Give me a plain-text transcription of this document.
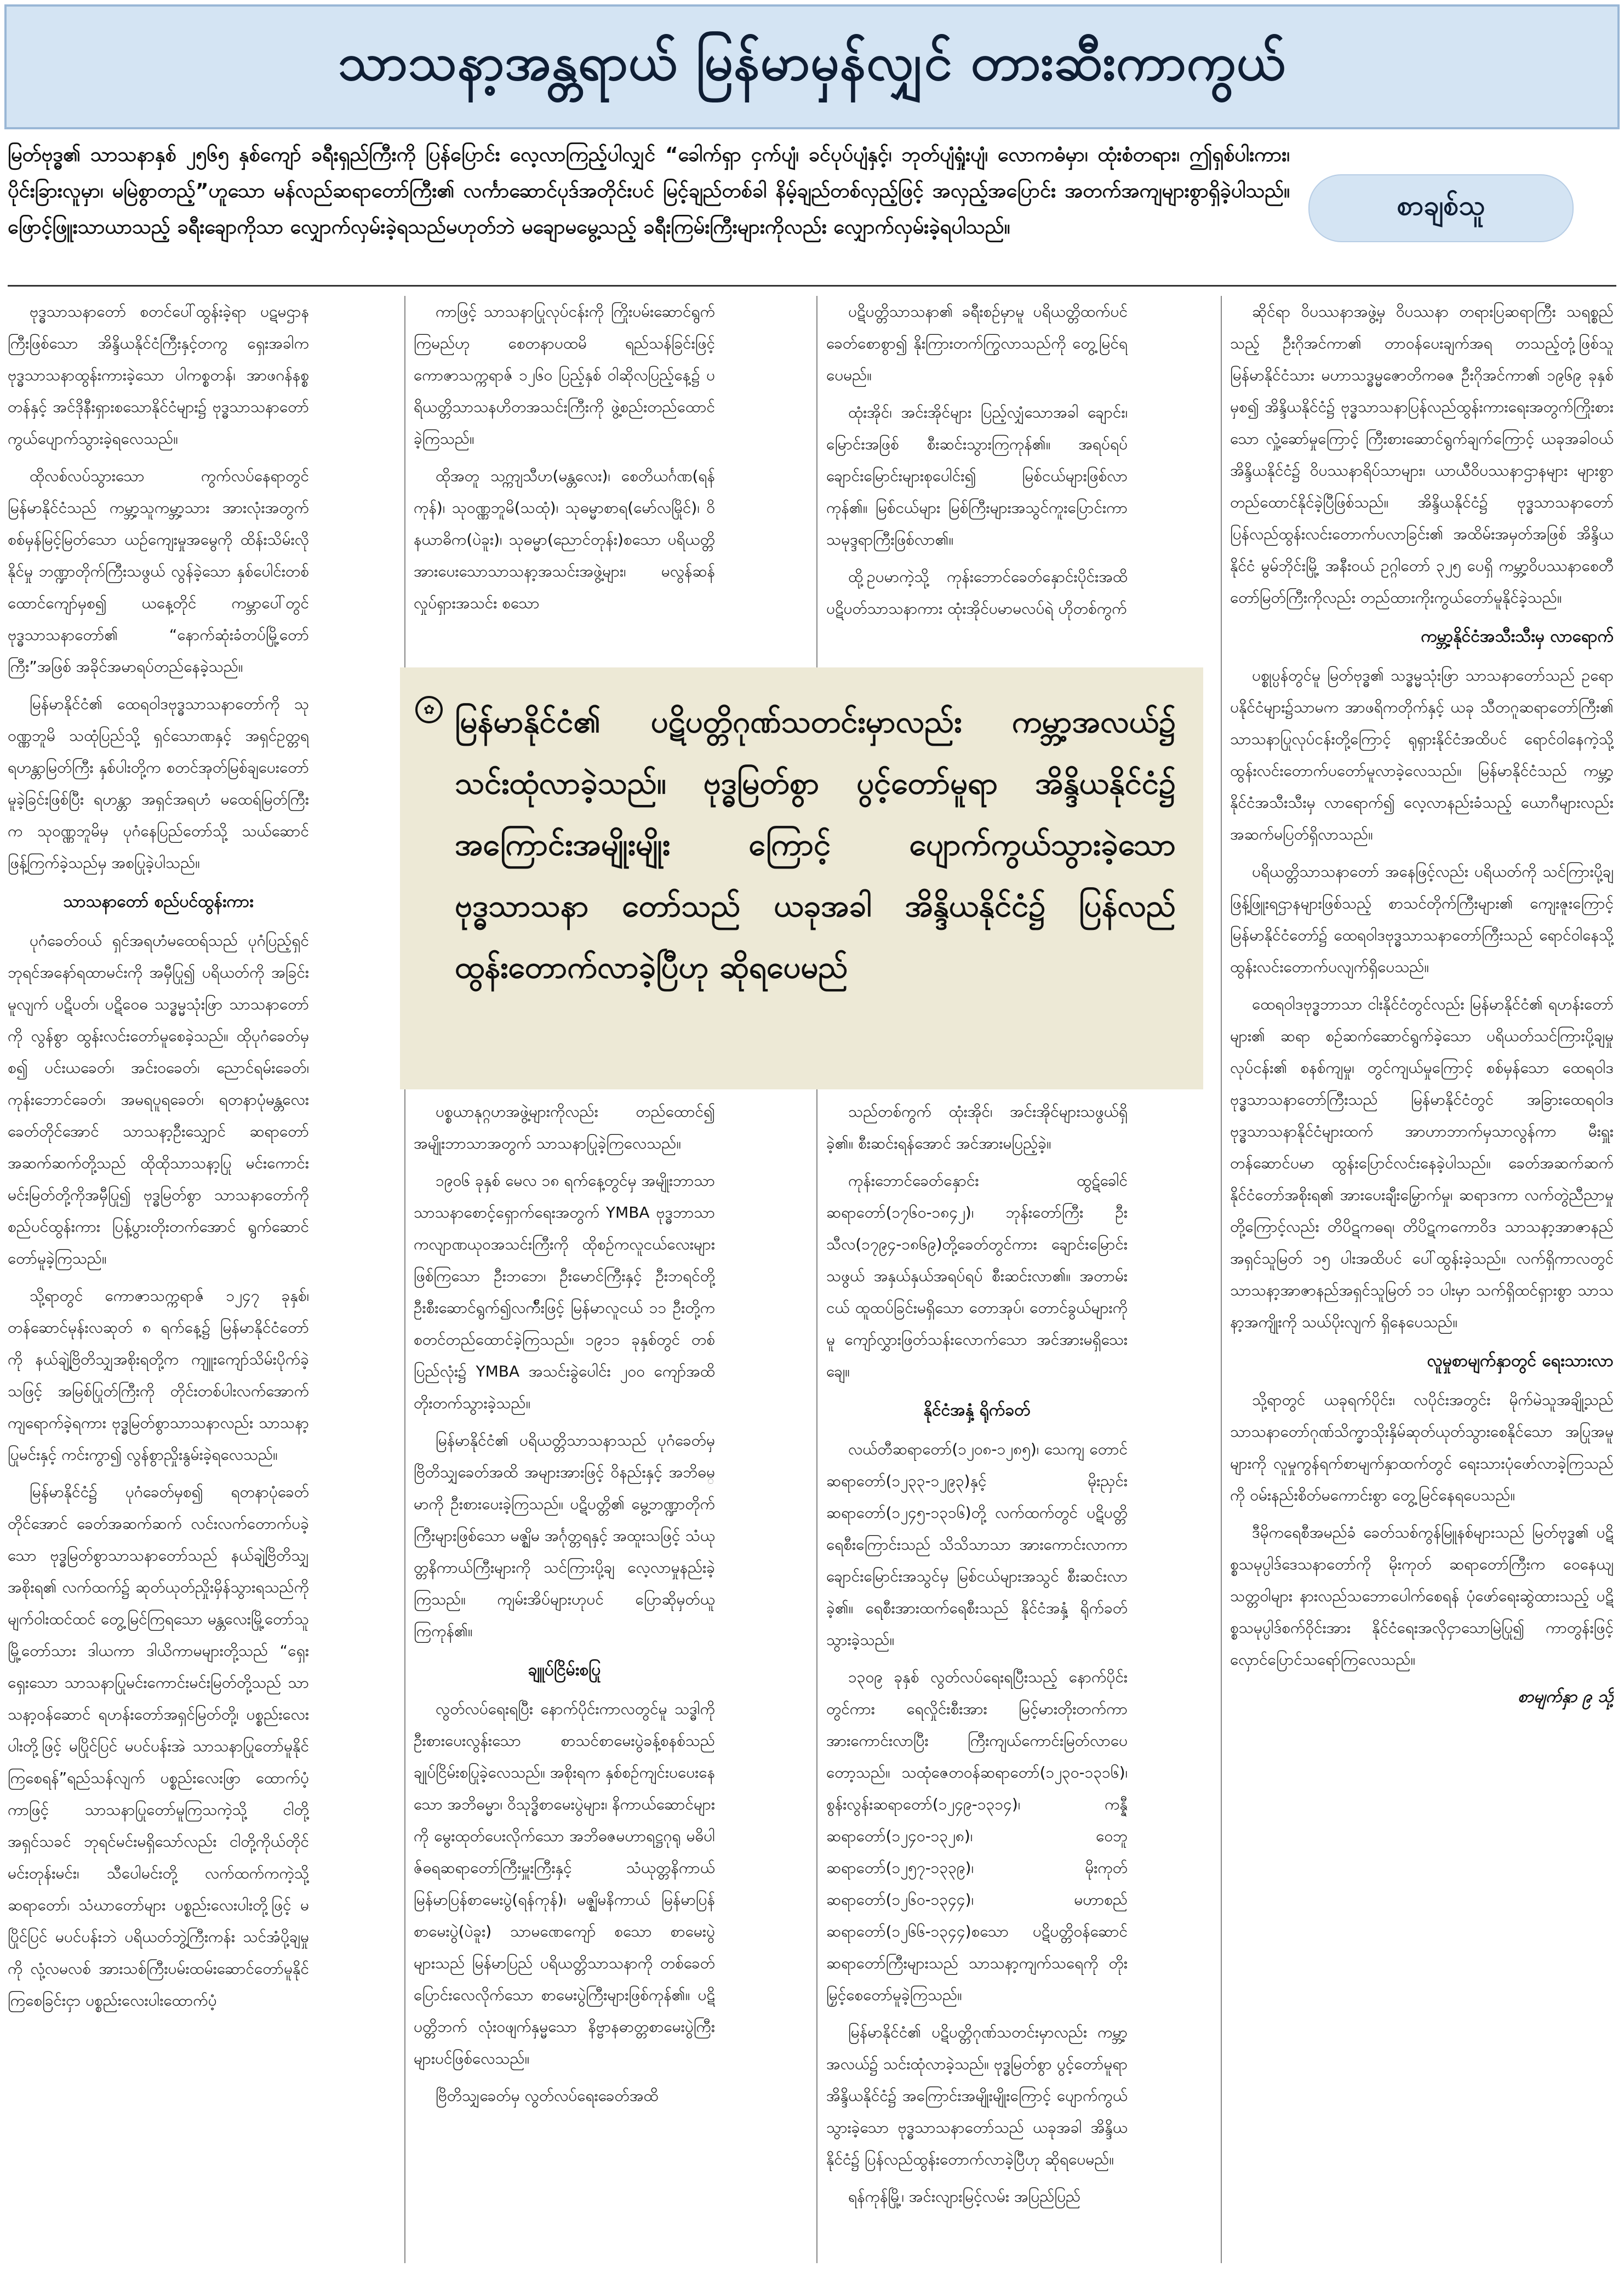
သာသနာ့အန္တရာယ် မြန်မာမှန်လျှင် တားဆီးကာကွယ်
မြတ်ဗုဒ္ဓ၏ သာသနာနှစ် ၂၅၆၅ နှစ်ကျော် ခရီးရှည်ကြီးကို ပြန်ပြောင်း လေ့လာကြည့်ပါလျှင် “ခေါက်ရှာ ငှက်ပျံ၊ ခင်ပုပ်ပျံနှင့်၊ ဘုတ်ပျံရှုံးပျံ၊ လောကဓံမှာ၊ ထုံးစံတရား၊ ဤရှစ်ပါးကား၊ ပိုင်းခြားလူမှာ၊ မမြဲစွာတည့်”ဟူသော မန်လည်ဆရာတော်ကြီး၏ လင်္ကာဆောင်ပုဒ်အတိုင်းပင် မြင့်ချည်တစ်ခါ နိမ့်ချည်တစ်လှည့်ဖြင့် အလှည့်အပြောင်း အတက်အကျများစွာရှိခဲ့ပါသည်။ ဖြောင့်ဖြူးသာယာသည့် ခရီးချောကိုသာ လျှောက်လှမ်းခဲ့ရသည်မဟုတ်ဘဲ မချောမမွေ့သည့် ခရီးကြမ်းကြီးများကိုလည်း လျှောက်လှမ်းခဲ့ရပါသည်။
စာချစ်သူ

ဗုဒ္ဓသာသနာတော် စတင်ပေါ်ထွန်းခဲ့ရာ ပဋမဌာနကြီးဖြစ်သော အိန္ဒိယနိုင်ငံကြီးနှင့်တကွ ရှေးအခါက ဗုဒ္ဓသာသနာထွန်းကားခဲ့သော ပါကစ္စတန်၊ အာဖဂန်နစ္စတန်နှင့် အင်ဒိုနီးရှားစသောနိုင်ငံများ၌ ဗုဒ္ဓသာသနာတော် ကွယ်ပျောက်သွားခဲ့ရလေသည်။

ထိုလစ်လပ်သွားသော ကွက်လပ်နေရာတွင် မြန်မာနိုင်ငံသည် ကမ္ဘာ့သူကမ္ဘာ့သား အားလုံးအတွက် စစ်မှန်မြင့်မြတ်သော ယဉ်ကျေးမှုအမွေကို ထိန်းသိမ်းလိုနိုင်မှု ဘဏ္ဍာတိုက်ကြီးသဖွယ် လွန်ခဲ့သော နှစ်ပေါင်းတစ်ထောင်ကျော်မှစ၍ ယနေ့တိုင် ကမ္ဘာပေါ်တွင် ဗုဒ္ဓသာသနာတော်၏ “နောက်ဆုံးခံတပ်မြို့တော်ကြီး”အဖြစ် အခိုင်အမာရပ်တည်နေခဲ့သည်။

မြန်မာနိုင်ငံ၏ ထေရဝါဒဗုဒ္ဓသာသနာတော်ကို သုဝဏ္ဏဘူမိ သထုံပြည်သို့ ရှင်သောဏနှင့် အရှင်ဥတ္တရ ရဟန္တာမြတ်ကြီး နှစ်ပါးတို့က စတင်အုတ်မြစ်ချပေးတော်မူခဲ့ခြင်းဖြစ်ပြီး ရဟန္တာ အရှင်အရဟံ မထေရ်မြတ်ကြီးက သုဝဏ္ဏဘူမိမှ ပုဂံနေပြည်တော်သို့ သယ်ဆောင်ဖြန့်ကြက်ခဲ့သည်မှ အစပြုခဲ့ပါသည်။

သာသနာတော် စည်ပင်ထွန်းကား

ပုဂံခေတ်ဝယ် ရှင်အရဟံမထေရ်သည် ပုဂံပြည့်ရှင် ဘုရင်အနော်ရထာမင်းကို အမှီပြု၍ ပရိယတ်ကို အခြင်းမူလျက် ပဋိပတ်၊ ပဋိဝေဓ သဒ္ဓမ္မသုံးဖြာ သာသနာတော်ကို လွန်စွာ ထွန်းလင်းတော်မူစေခဲ့သည်။ ထိုပုဂံခေတ်မှစ၍ ပင်းယခေတ်၊ အင်းဝခေတ်၊ ညောင်ရမ်းခေတ်၊ ကုန်းဘောင်ခေတ်၊ အမရပူရခေတ်၊ ရတနာပုံမန္တလေးခေတ်တိုင်အောင် သာသနာ့ဦးသျှောင် ဆရာတော်အဆက်ဆက်တို့သည် ထိုထိုသာသနာ့ပြု မင်းကောင်းမင်းမြတ်တို့ကိုအမှီပြု၍ ဗုဒ္ဓမြတ်စွာ သာသနာတော်ကို စည်ပင်ထွန်းကား ပြန့်ပွားတိုးတက်အောင် ရွက်ဆောင်တော်မူခဲ့ကြသည်။

သို့ရာတွင် ကောဇာသက္ကရာဇ် ၁၂၄၇ ခုနှစ်၊ တန်ဆောင်မုန်းလဆုတ် ၈ ရက်နေ့၌ မြန်မာနိုင်ငံတော်ကို နယ်ချဲ့ဗြိတိသျှအစိုးရတို့က ကျူးကျော်သိမ်းပိုက်ခဲ့သဖြင့် အမြစ်ပြုတ်ကြီးကို တိုင်းတစ်ပါးလက်အောက် ကျရောက်ခဲ့ရကား ဗုဒ္ဓမြတ်စွာသာသနာလည်း သာသနာ့ပြုမင်းနှင့် ကင်းကွာ၍ လွန်စွာညှိုးနွမ်းခဲ့ရလေသည်။

မြန်မာနိုင်ငံ၌ ပုဂံခေတ်မှစ၍ ရတနာပုံခေတ်တိုင်အောင် ခေတ်အဆက်ဆက် လင်းလက်တောက်ပခဲ့သော ဗုဒ္ဓမြတ်စွာသာသနာတော်သည် နယ်ချဲ့ဗြိတိသျှအစိုးရ၏ လက်ထက်၌ ဆုတ်ယုတ်ညှိုးမှိန်သွားရသည်ကို မျက်ဝါးထင်ထင် တွေ့မြင်ကြရသော မန္တလေးမြို့တော်သူမြို့တော်သား ဒါယကာ ဒါယိကာမများတို့သည် “ရှေးရှေးသော သာသနာပြုမင်းကောင်းမင်းမြတ်တို့သည် သာသနာ့ဝန်ဆောင် ရဟန်းတော်အရှင်မြတ်တို့၊ ပစ္စည်းလေးပါးတို့ဖြင့် မပြိုင်ပြင် မပင်ပန်းအဲ သာသနာပြုတော်မူနိုင်ကြစေရန်”ရည်သန်လျက် ပစ္စည်းလေးဖြာ ထောက်ပံ့ကာဖြင့် သာသနာပြုတော်မူကြသကဲ့သို့ ငါတို့ အရှင်သခင် ဘုရင်မင်းမရှိသော်လည်း ငါတို့ကိုယ်တိုင်မင်းတုန်းမင်း၊ သီပေါမင်းတို့ လက်ထက်ကကဲ့သို့ ဆရာတော်၊ သံဃာတော်များ ပစ္စည်းလေးပါးတို့ဖြင့် မပြိုင်ပြင် မပင်ပန်းဘဲ ပရိယတ်ဘွဲ့ကြီးကန်း သင်အံပို့ချမှုကို လုံ့လမလစ် အားသစ်ကြီးပမ်းထမ်းဆောင်တော်မူနိုင်ကြစေခြင်းငှာ ပစ္စည်းလေးပါးထောက်ပံ့

ကာဖြင့် သာသနာပြုလုပ်ငန်းကို ကြိုးပမ်းဆောင်ရွက်ကြမည်ဟု စေတနာပထမိ ရည်သန်ခြင်းဖြင့် ကောဇာသက္ကရာဇ် ၁၂၆၀ ပြည့်နှစ် ဝါဆိုလပြည့်နေ့၌ ပရိယတ္တိသာသနဟိတအသင်းကြီးကို ဖွဲ့စည်းတည်ထောင်ခဲ့ကြသည်။

ထိုအတူ သက္ကျသီဟ(မန္တလေး)၊ စေတိယင်္ဂဏ(ရန်ကုန်)၊ သုဝဏ္ဏဘူမိ(သထုံ)၊ သုဓမ္မာစာရ(မော်လမြိုင်)၊ ဝိနယာဓိက(ပဲခူး)၊ သုဓမ္မာ(ညောင်တုန်း)စသော ပရိယတ္တိအားပေးသောသာသနာ့အသင်းအဖွဲ့များ၊ မလွန်ဆန်လှုပ်ရှားအသင်း စသော

ပဋိပတ္တိသာသနာ၏ ခရီးစဉ်မှာမူ ပရိယတ္တိထက်ပင် ခေတ်စောစွာ၍ နိုးကြားတက်ကြွလာသည်ကို တွေ့မြင်ရပေမည်။

ထုံးအိုင်၊ အင်းအိုင်များ ပြည့်လျှံသောအခါ ချောင်း၊ မြောင်းအဖြစ် စီးဆင်းသွားကြကုန်၏။ အရပ်ရပ်ချောင်းမြောင်းများစုပေါင်း၍ မြစ်ငယ်များဖြစ်လာကုန်၏။ မြစ်ငယ်များ မြစ်ကြီးများအသွင်ကူးပြောင်းကာ သမုဒ္ဒရာကြီးဖြစ်လာ၏။

ထို့ဥပမာကဲ့သို့ ကုန်းဘောင်ခေတ်နှောင်းပိုင်းအထိ ပဋိပတ်သာသနာကား ထုံးအိုင်ပမာမလပ်ရဲ ဟိုတစ်ကွက်

✿ မြန်မာနိုင်ငံ၏ ပဋိပတ္တိဂုဏ်သတင်းမှာလည်း ကမ္ဘာ့အလယ်၌ သင်းထုံလာခဲ့သည်။ ဗုဒ္ဓမြတ်စွာ ပွင့်တော်မူရာ အိန္ဒိယနိုင်ငံ၌ အကြောင်းအမျိုးမျိုး ကြောင့် ပျောက်ကွယ်သွားခဲ့သော ဗုဒ္ဓသာသနာ တော်သည် ယခုအခါ အိန္ဒိယနိုင်ငံ၌ ပြန်လည် ထွန်းတောက်လာခဲ့ပြီဟု ဆိုရပေမည်

ပစ္စယာနုဂ္ဂဟအဖွဲ့များကိုလည်း တည်ထောင်၍ အမျိုးဘာသာအတွက် သာသနာပြုခဲ့ကြလေသည်။

၁၉၀၆ ခုနှစ် မေလ ၁၈ ရက်နေ့တွင်မှ အမျိုးဘာသာ သာသနာစောင့်ရှောက်ရေးအတွက် YMBA ဗုဒ္ဓဘာသာကလျာဏယုဝအသင်းကြီးကို ထိုစဉ်ကလူငယ်လေးများဖြစ်ကြသော ဦးဘဘေ၊ ဦးမောင်ကြီးနှင့် ဦးဘရင်တို့ ဦးစီးဆောင်ရွက်၍လက်ီးဖြင့် မြန်မာလူငယ် ၁၁ ဦးတို့က စတင်တည်ထောင်ခဲ့ကြသည်။ ၁၉၁၁ ခုနှစ်တွင် တစ်ပြည်လုံး၌ YMBA အသင်းခွဲပေါင်း ၂၀၀ ကျော်အထိ တိုးတက်သွားခဲ့သည်။

မြန်မာနိုင်ငံ၏ ပရိယတ္တိသာသနာသည် ပုဂံခေတ်မှ ဗြိတိသျှခေတ်အထိ အများအားဖြင့် ဝိနည်းနှင့် အဘိဓမ္မာကို ဦးစားပေးခဲ့ကြသည်။ ပဋိပတ္တိ၏ မွေ့ဘဏ္ဍာတိုက်ကြီးများဖြစ်သော မဇ္ဈိမ အင်္ဂုတ္တရနှင့် အထူးသဖြင့် သံယုတ္တနိကာယ်ကြီးများကို သင်ကြားပို့ချ လေ့လာမှုနည်းခဲ့ကြသည်။ ကျမ်းအိပ်များဟုပင် ပြောဆိုမှတ်ယူကြကုန်၏။

ချူပ်ငြိမ်းစပြု

လွတ်လပ်ရေးရပြီး နောက်ပိုင်းကာလတွင်မူ သဒ္ဓါကိုဦးစားပေးလွန်းသော စာသင်စာမေးပွဲခန့်စနစ်သည် ချုပ်ငြိမ်းစပြုခဲ့လေသည်။ အစိုးရက နှစ်စဉ်ကျင်းပပေးနေသော အဘိဓမ္မာ၊ ဝိသုဒ္ဓိစာမေးပွဲများ၊ နိကာယ်ဆောင်များကို မွေးထုတ်ပေးလိုက်သော အဘိဓဇမဟာရဋ္ဌဂုရု မဓိပါဇ်ဓရဆရာတော်ကြီးမှူးကြီးနှင့် သံယုတ္တနိကာယ် မြန်မာပြန်စာမေးပွဲ(ရန်ကုန်)၊ မဇ္ဈိမနိကာယ် မြန်မာပြန်စာမေးပွဲ(ပဲခူး) သာမဏေကျော် စသော စာမေးပွဲများသည် မြန်မာပြည် ပရိယတ္တိသာသနာကို တစ်ခေတ်ပြောင်းလေလိုက်သော စာမေးပွဲကြီးများဖြစ်ကုန်၏။ ပဋိပတ္တိဘက် လုံးဝဖျက်နှမ္မသော နိဗ္ဗာနဓာတ္တစာမေးပွဲကြီးများပင်ဖြစ်လေသည်။

ဗြိတိသျှခေတ်မှ လွတ်လပ်ရေးခေတ်အထိ

သည်တစ်ကွက် ထုံးအိုင်၊ အင်းအိုင်များသဖွယ်ရှိခဲ့၏။ စီးဆင်းရန်အောင် အင်အားမပြည့်ခဲ့။

ကုန်းဘောင်ခေတ်နှောင်း ထွဋ်ခေါင်ဆရာတော်(၁၇၆၀-၁၈၄၂)၊ ဘုန်းတော်ကြီး ဦးသီလ(၁၇၉၄-၁၈၆၉)တို့ခေတ်တွင်ကား ချောင်းမြောင်းသဖွယ် အနှယ်နှယ်အရပ်ရပ် စီးဆင်းလာ၏။ အတာမ်းငယ် ထူထပ်ခြင်းမရှိသော တောအုပ်၊ တောင်ခွယ်များကိုမူ ကျော်လွှားဖြတ်သန်းလောက်သော အင်အားမရှိသေးချေ။

နိုင်ငံအနှံ့ ရိုက်ခတ်

လယ်တီဆရာတော်(၁၂၀၈-၁၂၈၅)၊ သေကျ တောင်ဆရာတော်(၁၂၃၃-၁၂၉၃)နှင့် မိုးညှင်းဆရာတော်(၁၂၄၅-၁၃၁၆)တို့ လက်ထက်တွင် ပဋိပတ္တိရေစီးကြောင်းသည် သိသိသာသာ အားကောင်းလာကာ ချောင်းမြောင်းအသွင်မှ မြစ်ငယ်များအသွင် စီးဆင်းလာခဲ့၏။ ရေစီးအားထက်ရေစီးသည် နိုင်ငံအနှံ့ ရိုက်ခတ်သွားခဲ့သည်။

၁၃၀၉ ခုနှစ် လွတ်လပ်ရေးရပြီးသည့် နောက်ပိုင်းတွင်ကား ရေလှိုင်းစီးအား မြင့်မားတိုးတက်ကာ အားကောင်းလာပြီး ကြီးကျယ်ကောင်းမြတ်လာပေတော့သည်။ သထုံဇေတဝန်ဆရာတော်(၁၂၃၀-၁၃၁၆)၊ စွန်းလွန်းဆရာတော်(၁၂၄၉-၁၃၁၄)၊ ကန္နီဆရာတော်(၁၂၄၀-၁၃၂၈)၊ ဝေဘူဆရာတော်(၁၂၅၇-၁၃၃၉)၊ မိုးကုတ်ဆရာတော်(၁၂၆၀-၁၃၄၄)၊ မဟာစည်ဆရာတော်(၁၂၆၆-၁၃၄၄)စသော ပဋိပတ္တိဝန်ဆောင်ဆရာတော်ကြီးများသည် သာသနာ့ကျက်သရေကို တိုးမြှင့်စေတော်မူခဲ့ကြသည်။

မြန်မာနိုင်ငံ၏ ပဋိပတ္တိဂုဏ်သတင်းမှာလည်း ကမ္ဘာ့အလယ်၌ သင်းထုံလာခဲ့သည်။ ဗုဒ္ဓမြတ်စွာ ပွင့်တော်မူရာ အိန္ဒိယနိုင်ငံ၌ အကြောင်းအမျိုးမျိုးကြောင့် ပျောက်ကွယ်သွားခဲ့သော ဗုဒ္ဓသာသနာတော်သည် ယခုအခါ အိန္ဒိယနိုင်ငံ၌ ပြန်လည်ထွန်းတောက်လာခဲ့ပြီဟု ဆိုရပေမည်။

ရန်ကုန်မြို့၊ အင်းလျားမြင့်လမ်း အပြည်ပြည်

ဆိုင်ရာ ဝိပဿနာအဖွဲ့မှ ဝိပဿနာ တရားပြဆရာကြီး သရစ္စည်သည့် ဦးဂိုအင်ကာ၏ တာဝန်ပေးချက်အရ တသည့်တုံ့ဖြစ်သူ မြန်မာနိုင်ငံသား မဟာသဒ္ဓမ္မဇောတိကဓဇ ဦးဂိုအင်ကာ၏ ၁၉၆၉ ခုနှစ်မှစ၍ အိန္ဒိယနိုင်ငံ၌ ဗုဒ္ဓသာသနာပြန်လည်ထွန်းကားရေးအတွက်ကြိုးစားသော လှုံ့ဆော်မှုကြောင့် ကြီးစားဆောင်ရွက်ချက်ကြောင့် ယခုအခါဝယ် အိန္ဒိယနိုင်ငံ၌ ဝိပဿနာရိပ်သာများ၊ ယာယီဝိပဿနာဌာနများ များစွာ တည်ထောင်နိုင်ခဲ့ပြီဖြစ်သည်။ အိန္ဒိယနိုင်ငံ၌ ဗုဒ္ဓသာသနာတော် ပြန်လည်ထွန်းလင်းတောက်ပလာခြင်း၏ အထိမ်းအမှတ်အဖြစ် အိန္ဒိယနိုင်ငံ မွမ်ဘိုင်းမြို့ အနီး၀ယ် ဥဂ္ဂါတော် ၃၂၅ ပေရှိ ကမ္ဘာ့ဝိပဿနာစေတီတော်မြတ်ကြီးကိုလည်း တည်ထားကိုးကွယ်တော်မူနိုင်ခဲ့သည်။

ကမ္ဘာ့နိုင်ငံအသီးသီးမှ လာရောက်

ပစ္စုပ္ပန်တွင်မူ မြတ်ဗုဒ္ဓ၏ သဒ္ဓမ္မသုံးဖြာ သာသနာတော်သည် ဥရောပနိုင်ငံများ၌သာမက အာဖရိကတိုက်နှင့် ယခု သီတဂူဆရာတော်ကြီး၏ သာသနာပြုလုပ်ငန်းတို့ကြောင့် ရုရှားနိုင်ငံအထိပင် ရောင်ဝါနေကဲ့သို့ ထွန်းလင်းတောက်ပတော်မူလာခဲ့လေသည်။ မြန်မာနိုင်ငံသည် ကမ္ဘာ့နိုင်ငံအသီးသီးမှ လာရောက်၍ လေ့လာနည်းခံသည့် ယောဂီများလည်း အဆက်မပြတ်ရှိလာသည်။

ပရိယတ္တိသာသနာတော် အနေဖြင့်လည်း ပရိယတ်ကို သင်ကြားပို့ချဖြန့်ဖြူးရဌာနများဖြစ်သည့် စာသင်တိုက်ကြီးများ၏ ကျေးဇူးကြောင့် မြန်မာနိုင်ငံတော်၌ ထေရဝါဒဗုဒ္ဓသာသနာတော်ကြီးသည် ရောင်ဝါနေသို့ ထွန်းလင်းတောက်ပလျက်ရှိပေသည်။

ထေရဝါဒဗုဒ္ဓဘာသာ ငါးနိုင်ငံတွင်လည်း မြန်မာနိုင်ငံ၏ ရဟန်းတော်များ၏ ဆရာ စဉ်ဆက်ဆောင်ရွက်ခဲ့သော ပရိယတ်သင်ကြားပို့ချမှုလုပ်ငန်း၏ စနစ်ကျမှု၊ တွင်ကျယ်မှုကြောင့် စစ်မှန်သော ထေရဝါဒ ဗုဒ္ဓသာသနာတော်ကြီးသည် မြန်မာနိုင်ငံတွင် အခြားထေရဝါဒဗုဒ္ဓသာသနာနိုင်ငံများထက် အာဟာဘာက်မှသာလွန်ကာ မီးရှူးတန်ဆောင်ပမာ ထွန်းပြောင်လင်းနေခဲ့ပါသည်။ ခေတ်အဆက်ဆက် နိုင်ငံတော်အစိုးရ၏ အားပေးချီးမြှောက်မှု၊ ဆရာဒကာ လက်တွဲညီညာမှုတို့ကြောင့်လည်း တိပိဋကဓရ၊ တိပိဋကကောဝိဒ သာသနာ့အာဇာနည် အရှင်သူမြတ် ၁၅ ပါးအထိပင် ပေါ်ထွန်းခဲ့သည်။ လက်ရှိကာလတွင် သာသနာ့အာဇာနည်အရှင်သူမြတ် ၁၁ ပါးမှာ သက်ရှိထင်ရှားစွာ သာသနာ့အကျိုးကို သယ်ပိုးလျက် ရှိနေပေသည်။

လူမှုစာမျက်နှာတွင် ရေးသားလာ

သို့ရာတွင် ယခုရက်ပိုင်း၊ လပိုင်းအတွင်း မိုက်မဲသူအချို့သည် သာသနာတော်ဂုဏ်သိက္ခာသိုးနှိမ်ဆုတ်ယုတ်သွားစေနိုင်သော အပြုအမူများကို လူမှုကွန်ရက်စာမျက်နှာထက်တွင် ရေးသားပုံဖော်လာခဲ့ကြသည်ကို ဝမ်းနည်းစိတ်မကောင်းစွာ တွေ့မြင်နေရပေသည်။

ဒီမိုကရေစီအမည်ခံ ခေတ်သစ်ကွန်မြူနစ်များသည် မြတ်ဗုဒ္ဓ၏ ပဋိစ္စသမုပ္ပါဒ်ဒေသနာတော်ကို မိုးကုတ် ဆရာတော်ကြီးက ဝေနေယျသတ္တဝါများ နားလည်သဘောပေါက်စေရန် ပုံဖော်ရေးဆွဲထားသည့် ပဋိစ္စသမုပ္ပါဒ်စက်ဝိုင်းအား နိုင်ငံရေးအလိုငှာသောမြဲပြု၍ ကာတွန်းဖြင့် လှောင်ပြောင်သရော်ကြလေသည်။

စာမျက်နှာ ၉ သို့
